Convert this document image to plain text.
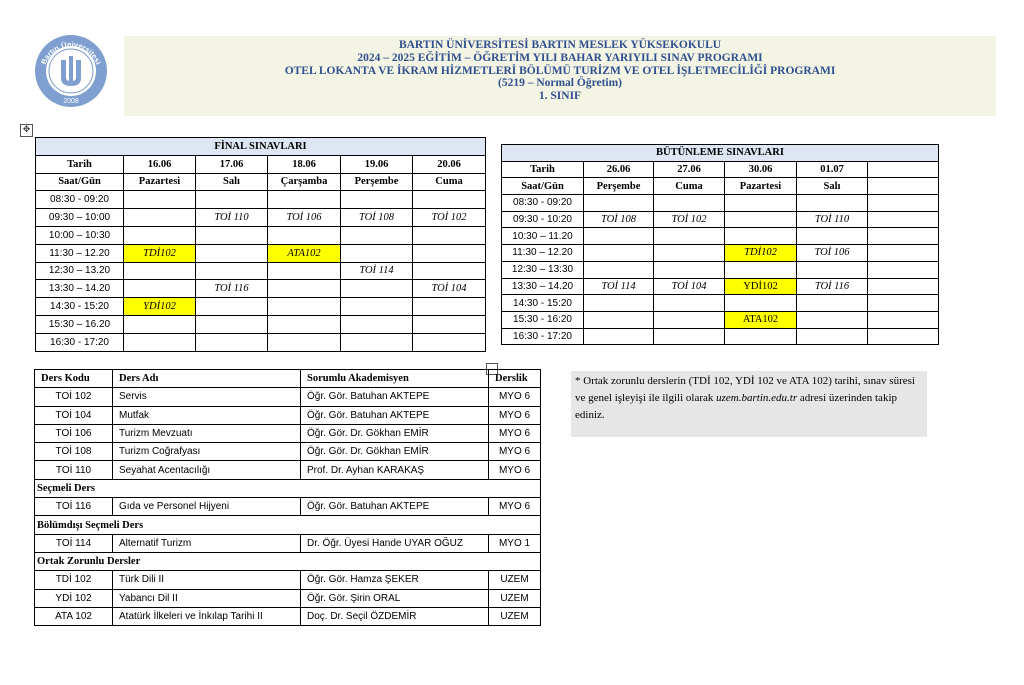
Bartın Üniversitesi
2008
BARTIN ÜNİVERSİTESİ BARTIN MESLEK YÜKSEKOKULU
2024 – 2025 EĞİTİM – ÖĞRETİM YILI BAHAR YARIYILI SINAV PROGRAMI
OTEL LOKANTA VE İKRAM HİZMETLERİ BÖLÜMÜ TURİZM VE OTEL İŞLETMECİLİĞİ PROGRAMI
(5219 – Normal Öğretim)
1. SINIF
✥
FİNAL SINAVLARI					
Tarih	16.06	17.06	18.06	19.06	20.06
Saat/Gün	Pazartesi	Salı	Çarşamba	Perşembe	Cuma
08:30 - 09:20					
09:30 – 10:00		TOİ 110	TOİ 106	TOİ 108	TOİ 102
10:00 – 10:30					
11:30 – 12.20	TDİ102		ATA102		
12:30 – 13.20				TOİ 114	
13:30 – 14.20		TOİ 116			TOİ 104
14:30 - 15:20	YDİ102				
15:30 – 16.20					
16:30 - 17:20					
BÜTÜNLEME SINAVLARI					
Tarih	26.06	27.06	30.06	01.07	
Saat/Gün	Perşembe	Cuma	Pazartesi	Salı	
08:30 - 09:20					
09:30 - 10:20	TOİ 108	TOİ 102		TOİ 110	
10:30 – 11.20					
11:30 – 12.20			TDİ102	TOİ 106	
12:30 – 13:30					
13:30 – 14.20	TOİ 114	TOİ 104	YDİ102	TOİ 116	
14:30 - 15:20					
15:30 - 16:20			ATA102		
16:30 - 17:20					
Ders Kodu	Ders Adı	Sorumlu Akademisyen	Derslik
TOİ 102	Servis	Öğr. Gör. Batuhan AKTEPE	MYO 6
TOİ 104	Mutfak	Öğr. Gör. Batuhan AKTEPE	MYO 6
TOİ 106	Turizm Mevzuatı	Öğr. Gör. Dr. Gökhan EMİR	MYO 6
TOİ 108	Turizm Coğrafyası	Öğr. Gör. Dr. Gökhan EMİR	MYO 6
TOİ 110	Seyahat Acentacılığı	Prof. Dr. Ayhan KARAKAŞ	MYO 6
Seçmeli Ders			
TOİ 116	Gıda ve Personel Hijyeni	Öğr. Gör. Batuhan AKTEPE	MYO 6
Bölümdışı Seçmeli Ders			
TOİ 114	Alternatif Turizm	Dr. Öğr. Üyesi Hande UYAR OĞUZ	MYO 1
Ortak Zorunlu Dersler			
TDİ 102	Türk Dili II	Öğr. Gör. Hamza ŞEKER	UZEM
YDİ 102	Yabancı Dil II	Öğr. Gör. Şirin ORAL	UZEM
ATA 102	Atatürk İlkeleri ve İnkılap Tarihi II	Doç. Dr. Seçil ÖZDEMİR	UZEM
* Ortak zorunlu derslerin (TDİ 102, YDİ 102 ve ATA 102) tarihi, sınav süresi ve genel işleyişi ile ilgili olarak uzem.bartin.edu.tr adresi üzerinden takip ediniz.
